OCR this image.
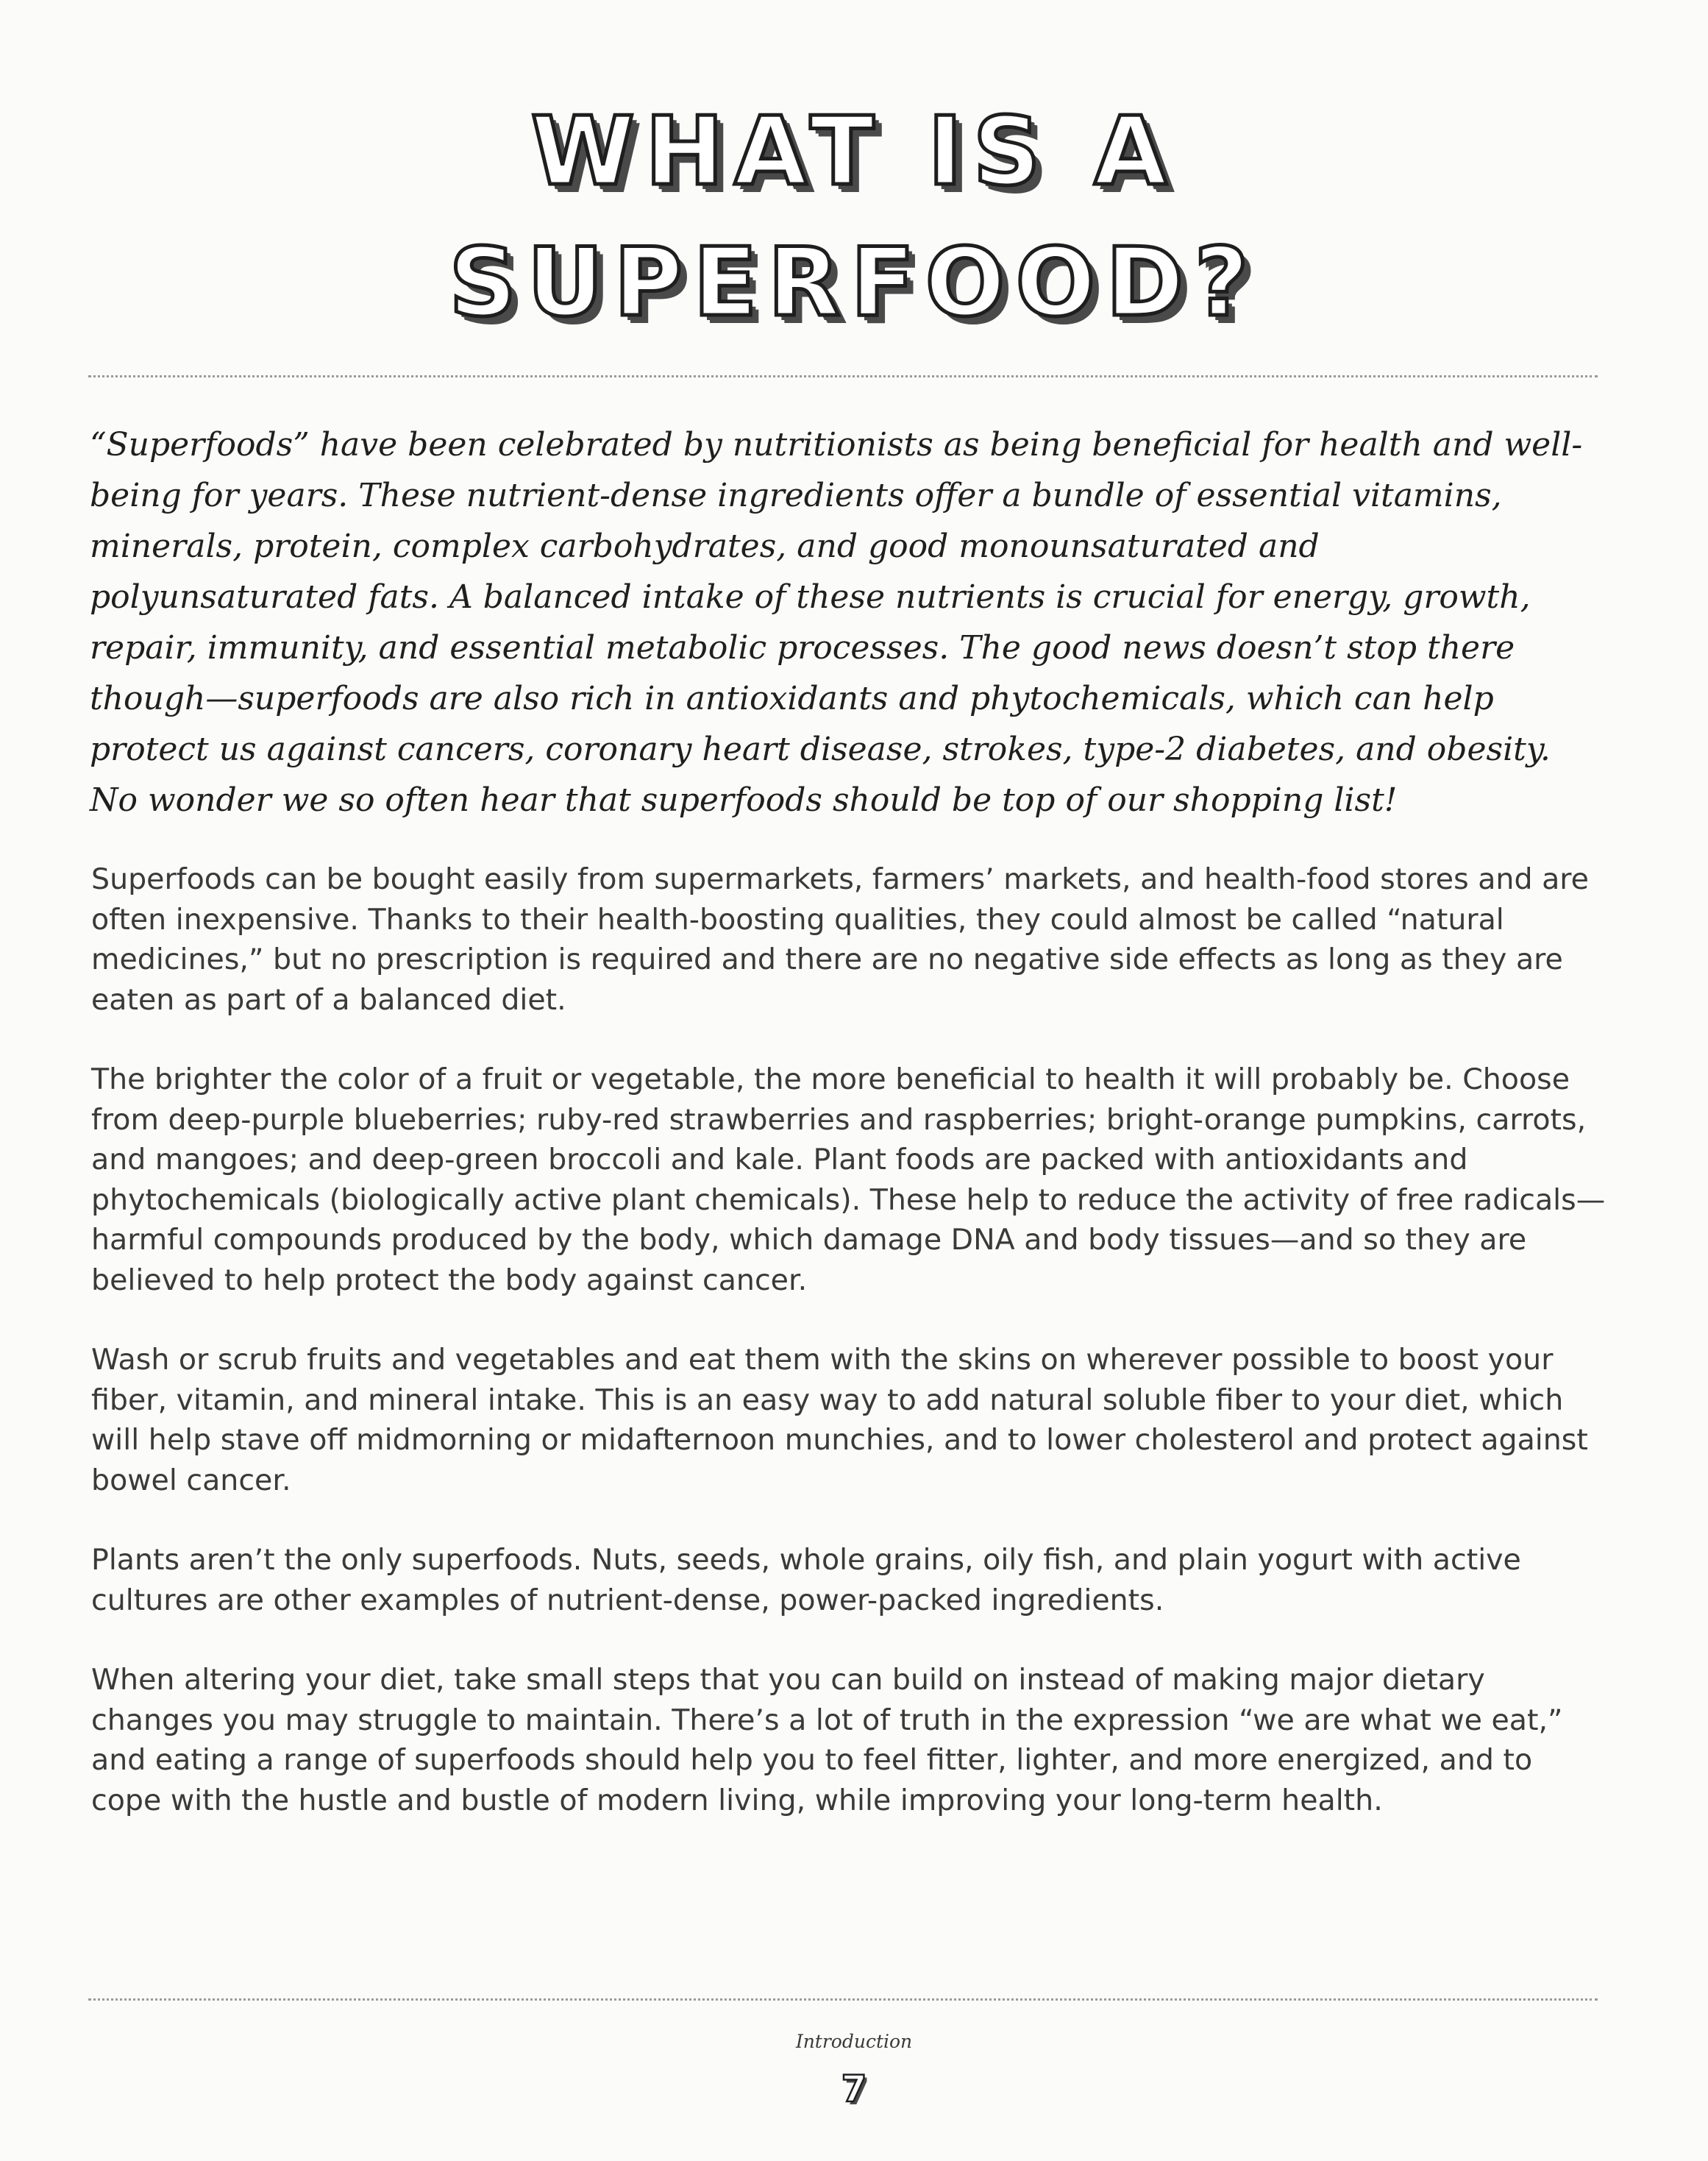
WHAT IS A
SUPERFOOD?
“Superfoods” have been celebrated by nutritionists as being beneficial for health and well-being for years. These nutrient-dense ingredients offer a bundle of essential vitamins, minerals, protein, complex carbohydrates, and good monounsaturated and polyunsaturated fats. A balanced intake of these nutrients is crucial for energy, growth, repair, immunity, and essential metabolic processes. The good news doesn’t stop there though—superfoods are also rich in antioxidants and phytochemicals, which can help protect us against cancers, coronary heart disease, strokes, type-2 diabetes, and obesity. No wonder we so often hear that superfoods should be top of our shopping list!

Superfoods can be bought easily from supermarkets, farmers’ markets, and health-food stores and are often inexpensive. Thanks to their health-boosting qualities, they could almost be called “natural medicines,” but no prescription is required and there are no negative side effects as long as they are eaten as part of a balanced diet.

The brighter the color of a fruit or vegetable, the more beneficial to health it will probably be. Choose from deep-purple blueberries; ruby-red strawberries and raspberries; bright-orange pumpkins, carrots, and mangoes; and deep-green broccoli and kale. Plant foods are packed with antioxidants and phytochemicals (biologically active plant chemicals). These help to reduce the activity of free radicals—harmful compounds produced by the body, which damage DNA and body tissues—and so they are believed to help protect the body against cancer.

Wash or scrub fruits and vegetables and eat them with the skins on wherever possible to boost your fiber, vitamin, and mineral intake. This is an easy way to add natural soluble fiber to your diet, which will help stave off midmorning or midafternoon munchies, and to lower cholesterol and protect against bowel cancer.

Plants aren’t the only superfoods. Nuts, seeds, whole grains, oily fish, and plain yogurt with active cultures are other examples of nutrient-dense, power-packed ingredients.

When altering your diet, take small steps that you can build on instead of making major dietary changes you may struggle to maintain. There’s a lot of truth in the expression “we are what we eat,” and eating a range of superfoods should help you to feel fitter, lighter, and more energized, and to cope with the hustle and bustle of modern living, while improving your long-term health.

Introduction
7
